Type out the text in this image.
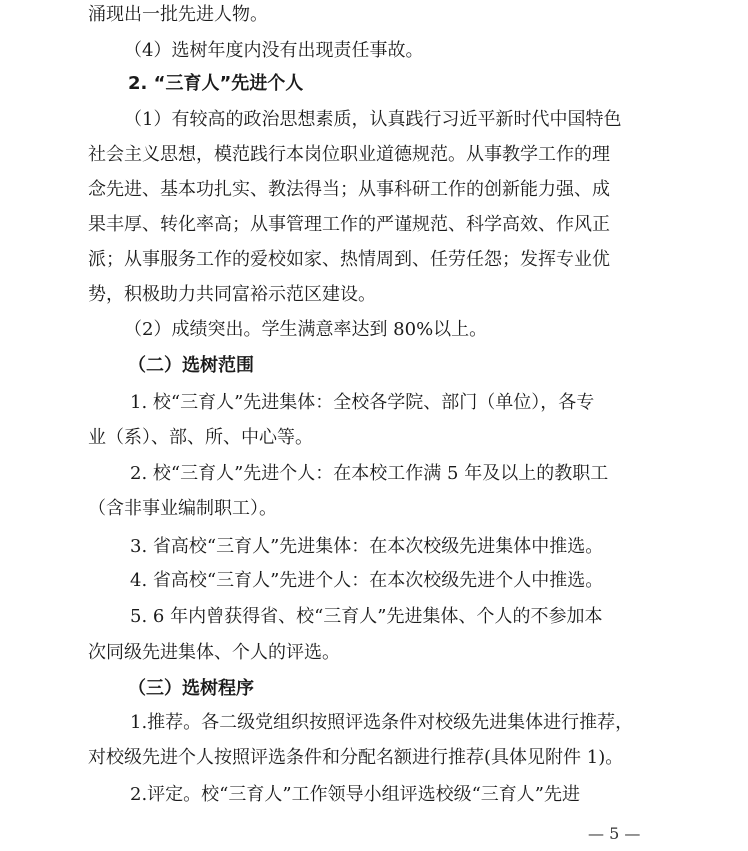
涌现出一批先进人物。
（4）选树年度内没有出现责任事故。
2. “三育人”先进个人
（1）有较高的政治思想素质，认真践行习近平新时代中国特色
社会主义思想，模范践行本岗位职业道德规范。从事教学工作的理
念先进、基本功扎实、教法得当；从事科研工作的创新能力强、成
果丰厚、转化率高；从事管理工作的严谨规范、科学高效、作风正
派；从事服务工作的爱校如家、热情周到、任劳任怨；发挥专业优
势，积极助力共同富裕示范区建设。
（2）成绩突出。学生满意率达到 80%以上。
（二）选树范围
1. 校“三育人”先进集体：全校各学院、部门（单位），各专
业（系）、部、所、中心等。
2. 校“三育人”先进个人：在本校工作满 5 年及以上的教职工
（含非事业编制职工）。
3. 省高校“三育人”先进集体：在本次校级先进集体中推选。
4. 省高校“三育人”先进个人：在本次校级先进个人中推选。
5. 6 年内曾获得省、校“三育人”先进集体、个人的不参加本
次同级先进集体、个人的评选。
（三）选树程序
1.推荐。各二级党组织按照评选条件对校级先进集体进行推荐，
对校级先进个人按照评选条件和分配名额进行推荐(具体见附件 1)。
2.评定。校“三育人”工作领导小组评选校级“三育人”先进
— 5 —
